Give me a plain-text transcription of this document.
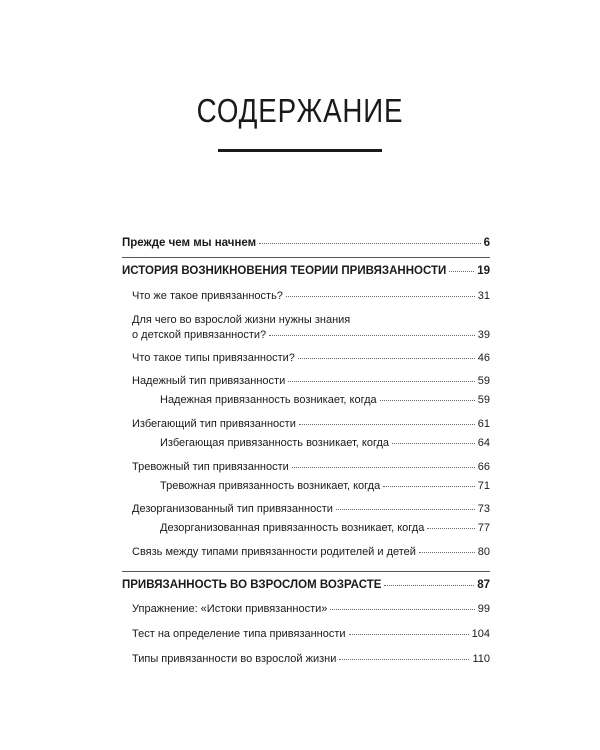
СОДЕРЖАНИЕ
Прежде чем мы начнем	6
ИСТОРИЯ ВОЗНИКНОВЕНИЯ ТЕОРИИ ПРИВЯЗАННОСТИ	19
Что же такое привязанность?	31
Для чего во взрослой жизни нужны знания
о детской привязанности?	39
Что такое типы привязанности?	46
Надежный тип привязанности	59
Надежная привязанность возникает, когда	59
Избегающий тип привязанности	61
Избегающая привязанность возникает, когда	64
Тревожный тип привязанности	66
Тревожная привязанность возникает, когда	71
Дезорганизованный тип привязанности	73
Дезорганизованная привязанность возникает, когда	77
Связь между типами привязанности родителей и детей	80
ПРИВЯЗАННОСТЬ ВО ВЗРОСЛОМ ВОЗРАСТЕ	87
Упражнение: «Истоки привязанности»	99
Тест на определение типа привязанности	104
Типы привязанности во взрослой жизни	110
